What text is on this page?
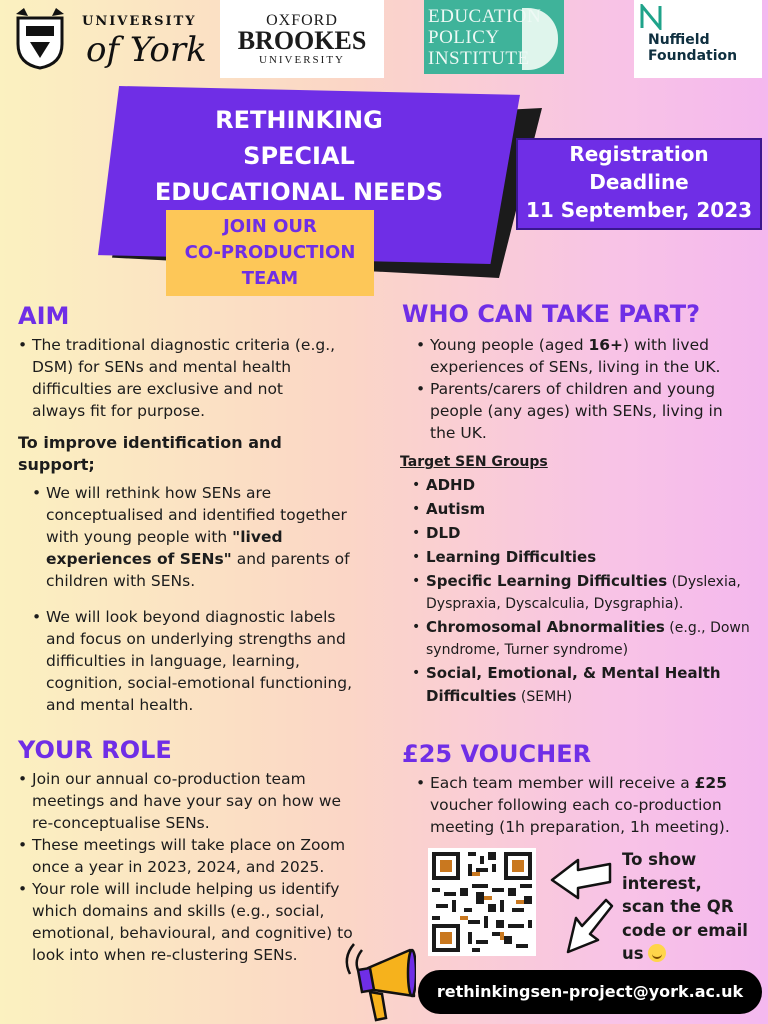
UNIVERSITY
of York
OXFORD
BROOKES
UNIVERSITY
EDUCATION
POLICY
INSTITUTE
Nuffield
Foundation
RETHINKING
SPECIAL
EDUCATIONAL NEEDS
JOIN OUR
CO-PRODUCTION
TEAM
Registration
Deadline
11 September, 2023
AIM
• The traditional diagnostic criteria (e.g., DSM) for SENs and mental health difficulties are exclusive and not always fit for purpose.
To improve identification and support;
• We will rethink how SENs are conceptualised and identified together with young people with "lived experiences of SENs" and parents of children with SENs.
• We will look beyond diagnostic labels and focus on underlying strengths and difficulties in language, learning, cognition, social-emotional functioning, and mental health.
WHO CAN TAKE PART?
• Young people (aged 16+) with lived experiences of SENs, living in the UK.
• Parents/carers of children and young people (any ages) with SENs, living in the UK.
Target SEN Groups
• ADHD
• Autism
• DLD
• Learning Difficulties
• Specific Learning Difficulties (Dyslexia, Dyspraxia, Dyscalculia, Dysgraphia).
• Chromosomal Abnormalities (e.g., Down syndrome, Turner syndrome)
• Social, Emotional, & Mental Health Difficulties (SEMH)
YOUR ROLE
• Join our annual co-production team meetings and have your say on how we re-conceptualise SENs.
• These meetings will take place on Zoom once a year in 2023, 2024, and 2025.
• Your role will include helping us identify which domains and skills (e.g., social, emotional, behavioural, and cognitive) to look into when re-clustering SENs.
£25 VOUCHER
• Each team member will receive a £25 voucher following each co-production meeting (1h preparation, 1h meeting).
To show
interest,
scan the QR
code or email
us
rethinkingsen-project@york.ac.uk
